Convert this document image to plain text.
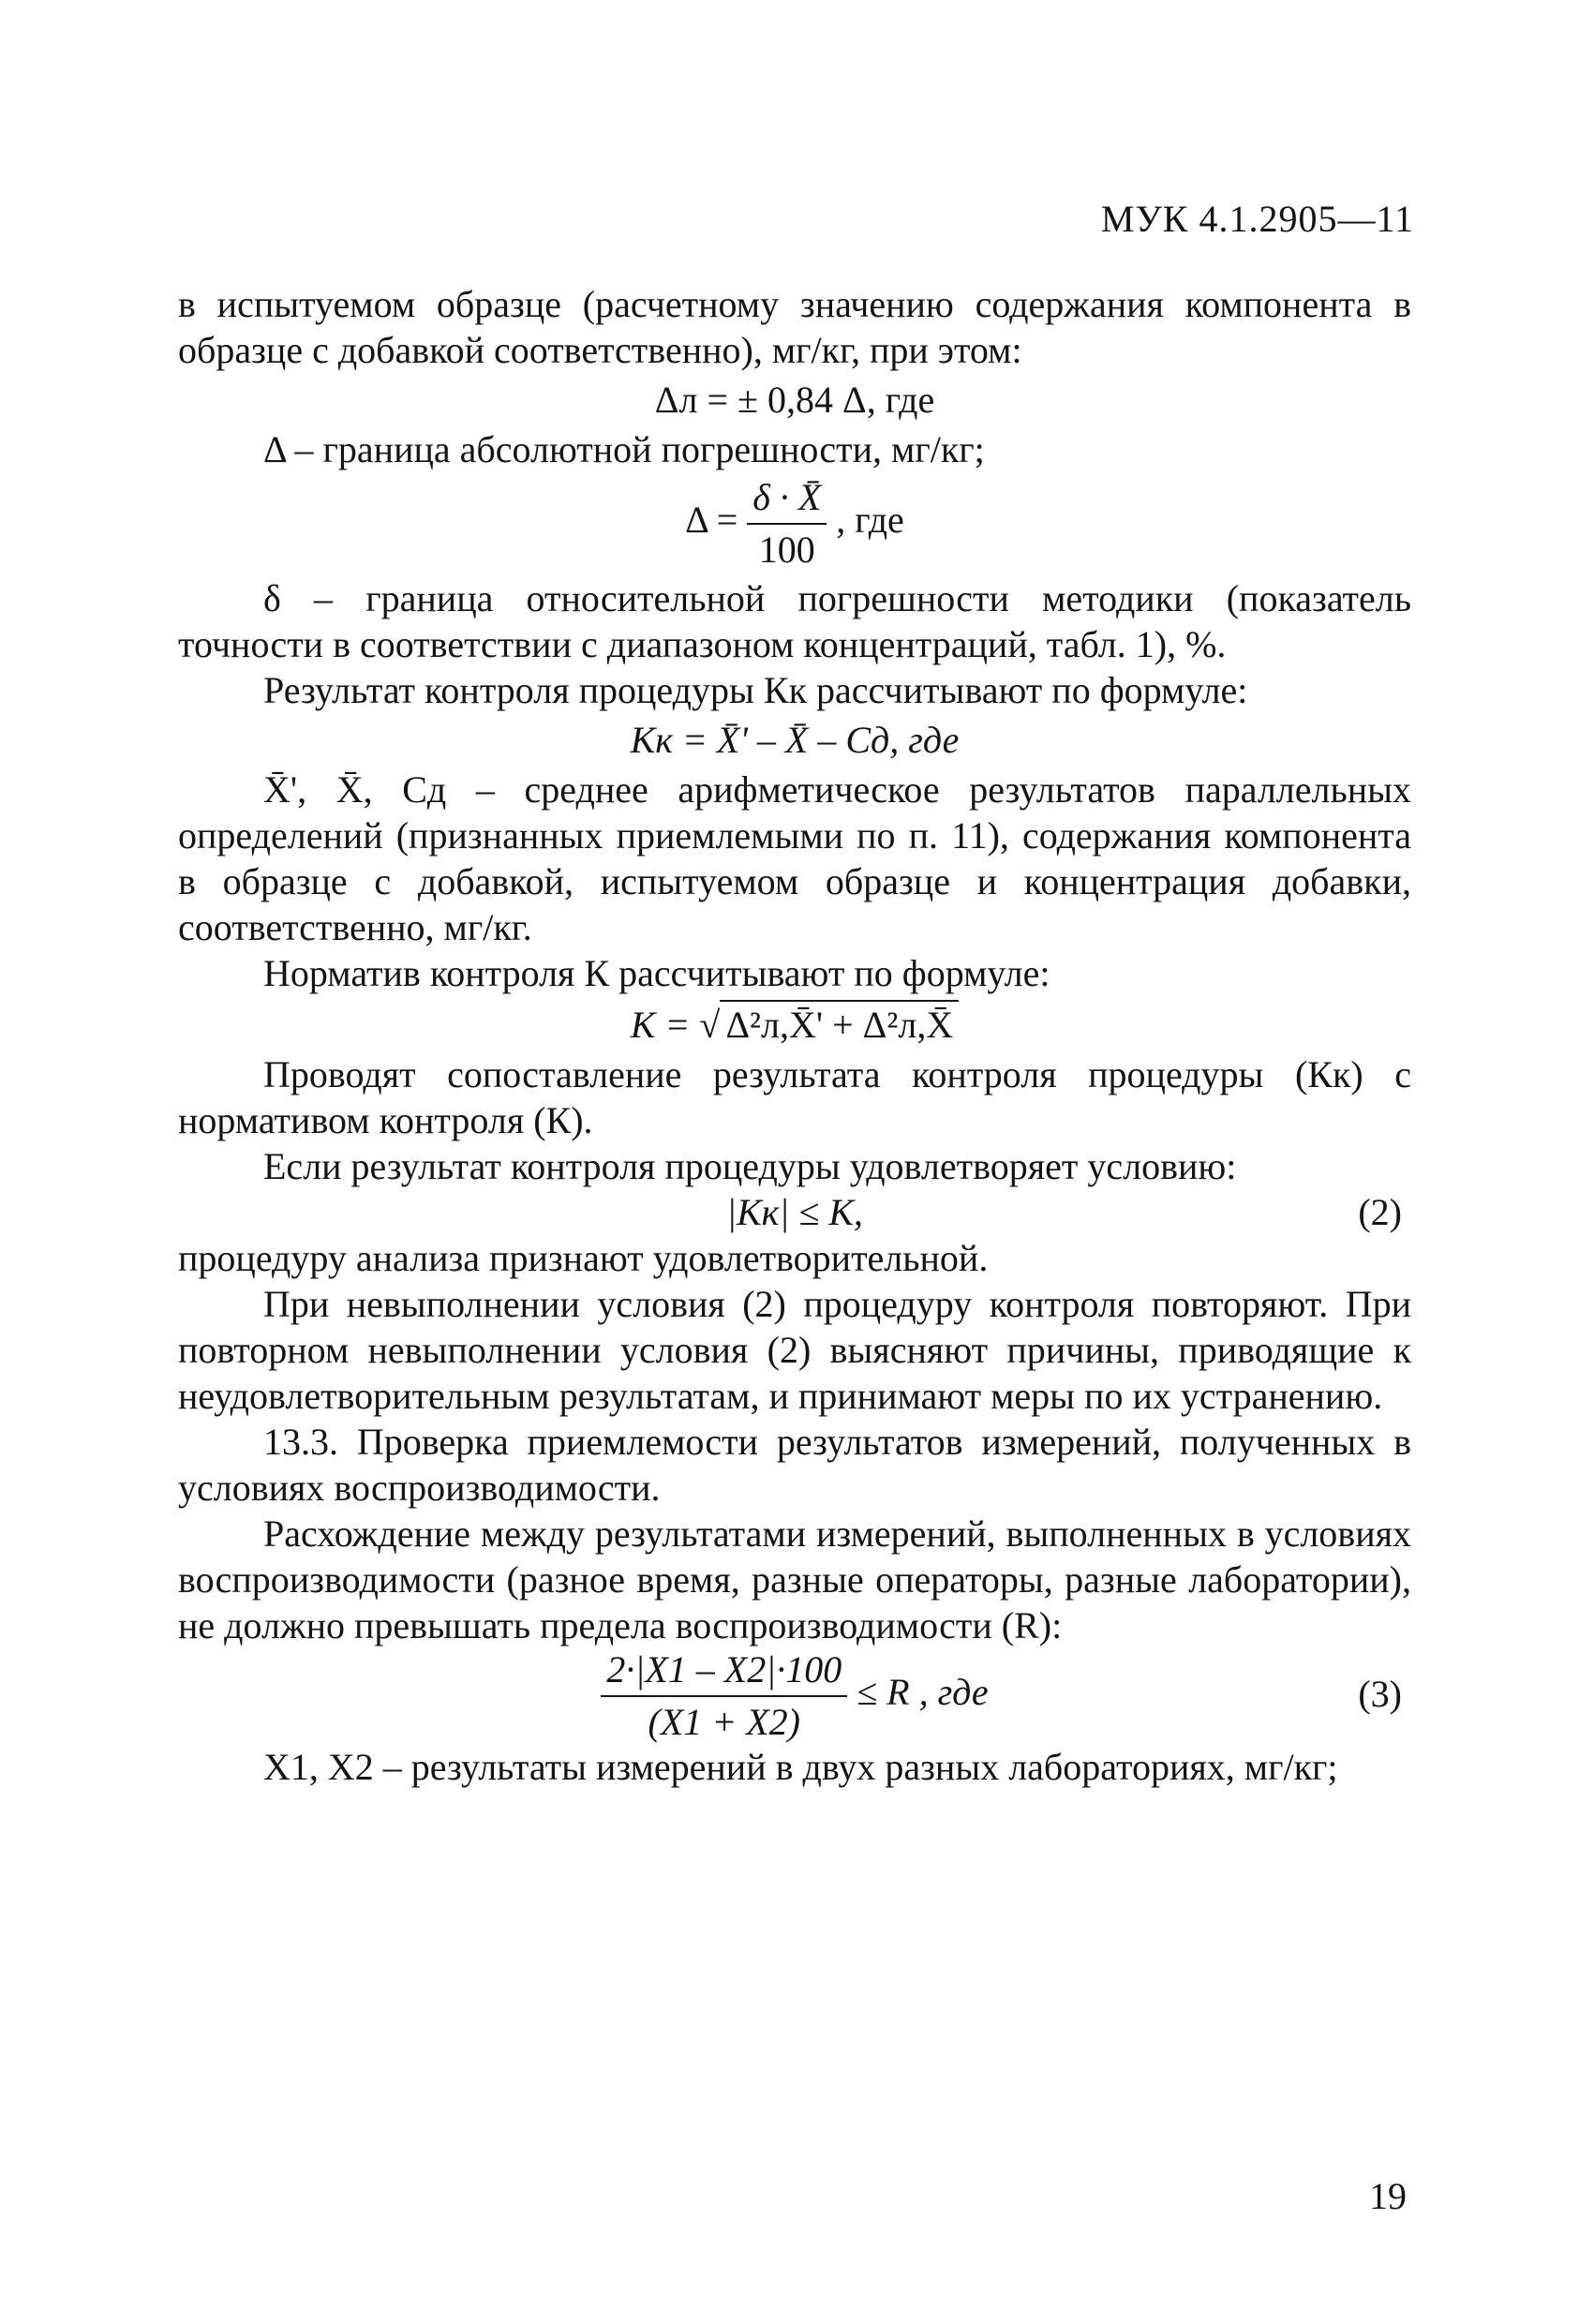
МУК 4.1.2905—11

в испытуемом образце (расчетному значению содержания компонента в образце с добавкой соответственно), мг/кг, при этом:

Δл = ± 0,84 Δ, где

Δ – граница абсолютной погрешности, мг/кг;

$\Delta = \frac{\delta \cdot X̄}{100}$ , где

δ – граница относительной погрешности методики (показатель точности в соответствии с диапазоном концентраций, табл. 1), %.

Результат контроля процедуры Кк рассчитывают по формуле:

Кк = X̄' – X̄ – Сд, где

X̄', X̄, Сд – среднее арифметическое результатов параллельных определений (признанных приемлемыми по п. 11), содержания компонента в образце с добавкой, испытуемом образце и концентрация добавки, соответственно, мг/кг.

Норматив контроля К рассчитывают по формуле:

К = √ Δ²л,X̄' + Δ²л,X̄

Проводят сопоставление результата контроля процедуры (Кк) с нормативом контроля (К).

Если результат контроля процедуры удовлетворяет условию:

|Кк| ≤ К,	(2)

процедуру анализа признают удовлетворительной.

При невыполнении условия (2) процедуру контроля повторяют. При повторном невыполнении условия (2) выясняют причины, приводящие к неудовлетворительным результатам, и принимают меры по их устранению.

13.3. Проверка приемлемости результатов измерений, полученных в условиях воспроизводимости.

Расхождение между результатами измерений, выполненных в условиях воспроизводимости (разное время, разные операторы, разные лаборатории), не должно превышать предела воспроизводимости (R):

$\frac{2\cdot|X1 - X2|\cdot 100}{(X1 + X2)} \le R$ , где	(3)

X1, X2 – результаты измерений в двух разных лабораториях, мг/кг;

19
